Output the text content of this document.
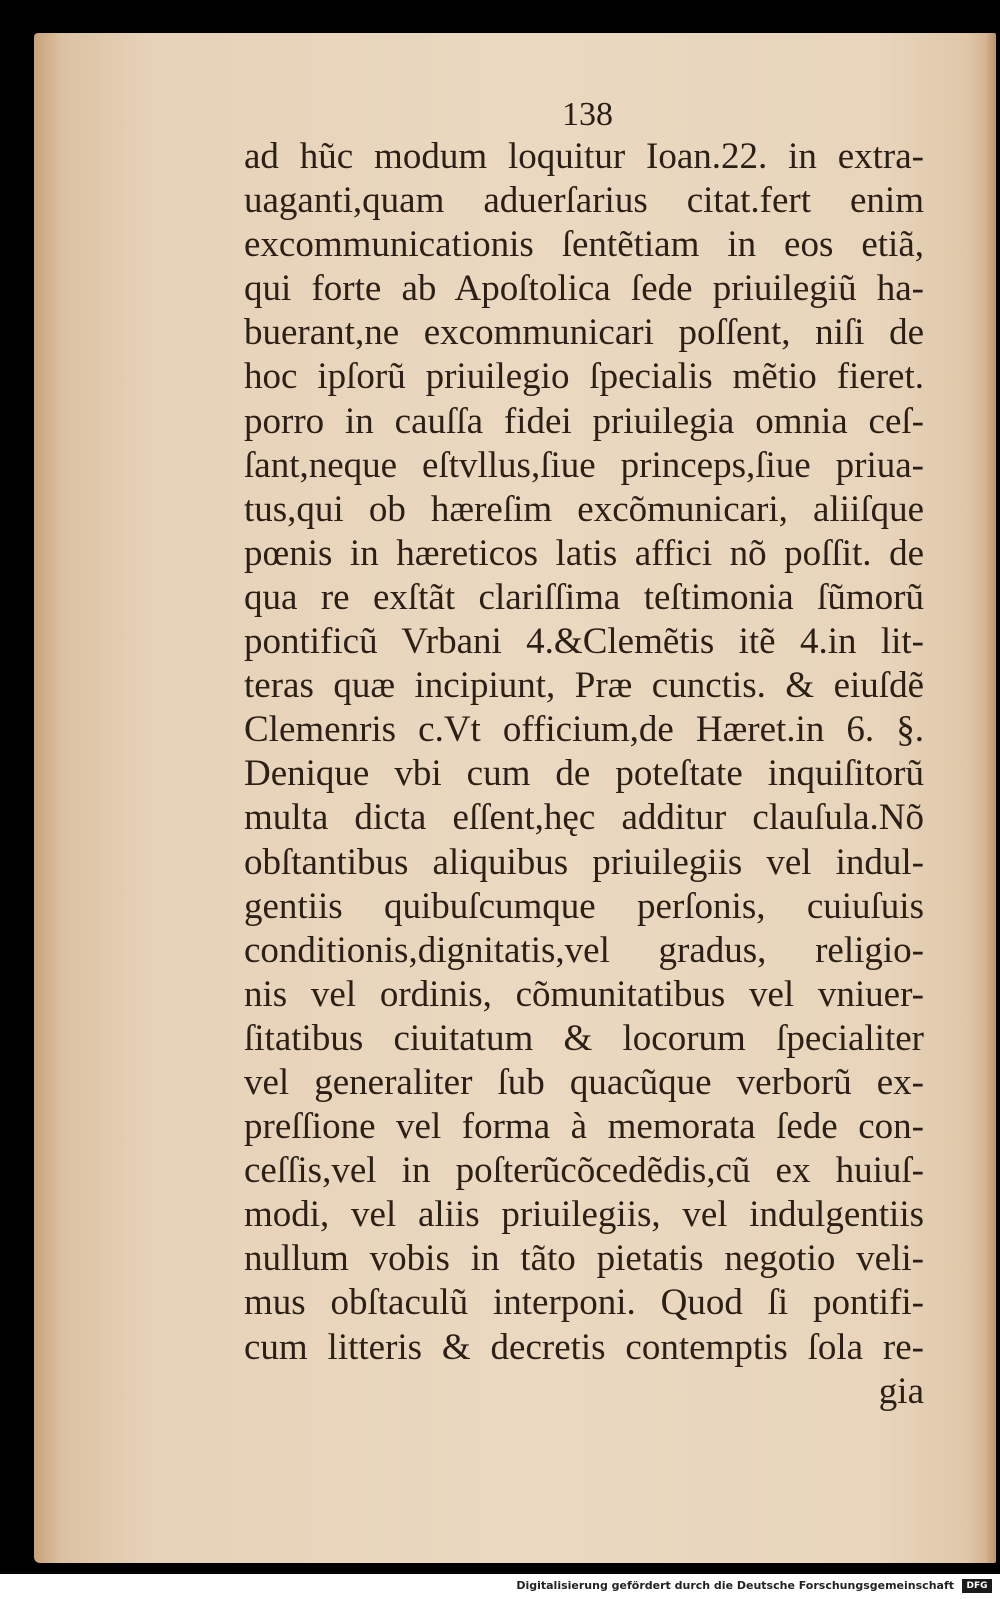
138
ad hũc modum loquitur Ioan.22. in extra-
uaganti,quam aduerſarius citat.fert enim
excommunicationis ſentẽtiam in eos etiã,
qui forte ab Apoſtolica ſede priuilegiũ ha-
buerant,ne excommunicari poſſent, niſi de
hoc ipſorũ priuilegio ſpecialis mẽtio fieret.
porro in cauſſa fidei priuilegia omnia ceſ-
ſant,neque eſtvllus,ſiue princeps,ſiue priua-
tus,qui ob hæreſim excõmunicari, aliiſque
pœnis in hæreticos latis affici nõ poſſit. de
qua re exſtãt clariſſima teſtimonia ſũmorũ
pontificũ Vrbani 4.&Clemẽtis itẽ 4.in lit-
teras quæ incipiunt, Præ cunctis. & eiuſdẽ
Clemenris c.Vt officium,de Hæret.in 6. §.
Denique vbi cum de poteſtate inquiſitorũ
multa dicta eſſent,hęc additur clauſula.Nõ
obſtantibus aliquibus priuilegiis vel indul-
gentiis quibuſcumque perſonis, cuiuſuis
conditionis,dignitatis,vel gradus, religio-
nis vel ordinis, cõmunitatibus vel vniuer-
ſitatibus ciuitatum & locorum ſpecialiter
vel generaliter ſub quacũque verborũ ex-
preſſione vel forma à memorata ſede con-
ceſſis,vel in poſterũcõcedẽdis,cũ ex huiuſ-
modi, vel aliis priuilegiis, vel indulgentiis
nullum vobis in tãto pietatis negotio veli-
mus obſtaculũ interponi. Quod ſi pontifi-
cum litteris & decretis contemptis ſola re-
gia
Digitalisierung gefördert durch die Deutsche Forschungsgemeinschaft	DFG
